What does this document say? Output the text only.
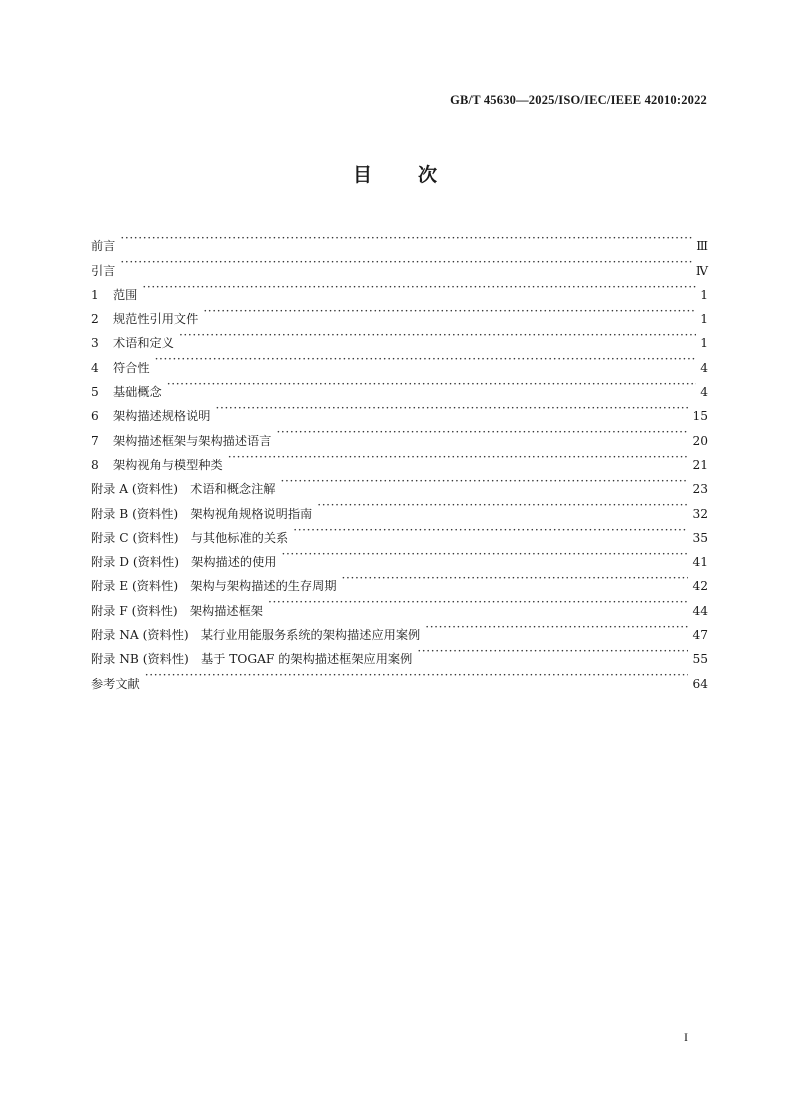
GB/T 45630—2025/ISO/IEC/IEEE 42010:2022
目 次
前言 ·····	Ⅲ
引言 ·····	Ⅳ
1 范围 ·····	1
2 规范性引用文件 ·····	1
3 术语和定义 ·····	1
4 符合性 ·····	4
5 基础概念 ·····	4
6 架构描述规格说明 ·····	15
7 架构描述框架与架构描述语言 ·····	20
8 架构视角与模型种类 ·····	21
附录 A (资料性)　术语和概念注解 ·····	23
附录 B (资料性)　架构视角规格说明指南 ·····	32
附录 C (资料性)　与其他标准的关系 ·····	35
附录 D (资料性)　架构描述的使用 ·····	41
附录 E (资料性)　架构与架构描述的生存周期 ·····	42
附录 F (资料性)　架构描述框架 ·····	44
附录 NA (资料性)　某行业用能服务系统的架构描述应用案例 ·····	47
附录 NB (资料性)　基于 TOGAF 的架构描述框架应用案例 ·····	55
参考文献 ·····	64
I
